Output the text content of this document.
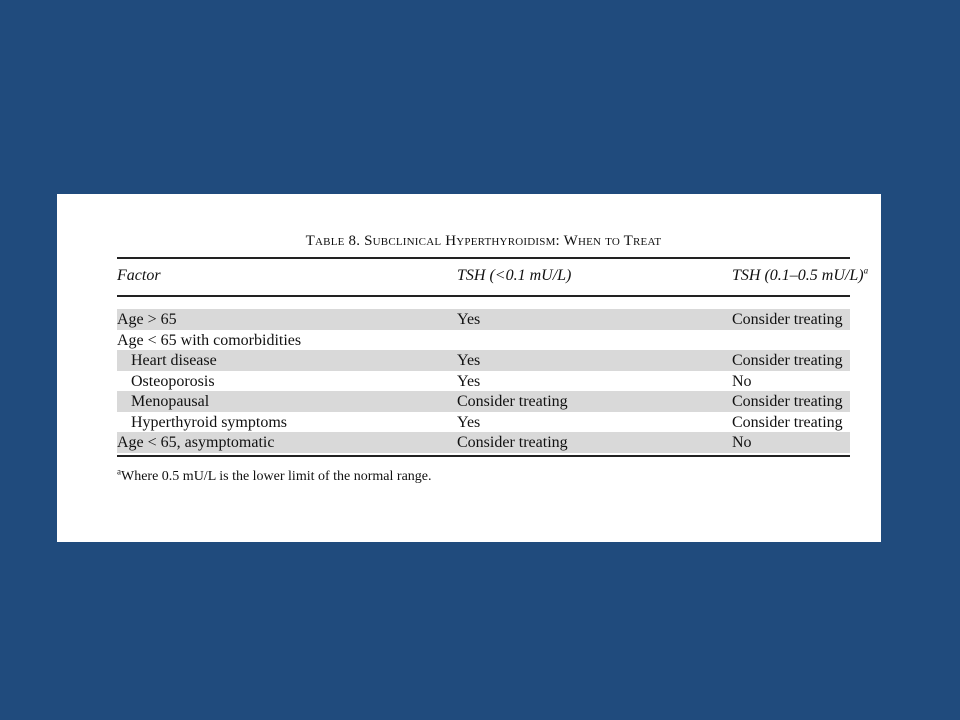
Table 8. Subclinical Hyperthyroidism: When to Treat
Factor	TSH (<0.1 mU/L)	TSH (0.1–0.5 mU/L)$^a$
Age > 65	Yes	Consider treating
Age < 65 with comorbidities
Heart disease	Yes	Consider treating
Osteoporosis	Yes	No
Menopausal	Consider treating	Consider treating
Hyperthyroid symptoms	Yes	Consider treating
Age < 65, asymptomatic	Consider treating	No
$^a$Where 0.5 mU/L is the lower limit of the normal range.
